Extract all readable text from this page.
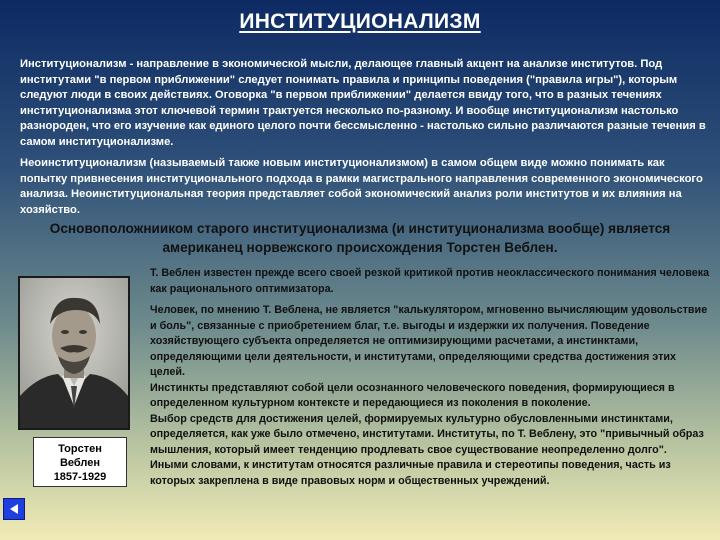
ИНСТИТУЦИОНАЛИЗМ

Институционализм - направление в экономической мысли, делающее главный акцент на анализе институтов. Под институтами "в первом приближении" следует понимать правила и принципы поведения ("правила игры"), которым следуют люди в своих действиях. Оговорка "в первом приближении" делается ввиду того, что в разных течениях институционализма этот ключевой термин трактуется несколько по-разному. И вообще институционализм настолько разнороден, что его изучение как единого целого почти бессмысленно - настолько сильно различаются разные течения в самом институционализме.

Неоинституционализм (называемый также новым институционализмом) в самом общем виде можно понимать как попытку привнесения институционального подхода в рамки магистрального направления современного экономического анализа. Неоинституциональная теория представляет собой экономический анализ роли институтов и их влияния на хозяйство.

Основоположнииком старого институционализма (и институционализма вообще) является американец норвежского происхождения Торстен Веблен.
Торстен
Веблен
1857-1929

Т. Веблен известен прежде всего своей резкой критикой против неоклассического понимания человека как рационального оптимизатора.

Человек, по мнению Т. Веблена, не является "калькулятором, мгновенно вычисляющим удовольствие и боль", связанные с приобретением благ, т.е. выгоды и издержки их получения. Поведение хозяйствующего субъекта определяется не оптимизирующими расчетами, а инстинктами, определяющими цели деятельности, и институтами, определяющими средства достижения этих целей.
Инстинкты представляют собой цели осознанного человеческого поведения, формирующиеся в определенном культурном контексте и передающиеся из поколения в поколение.
Выбор средств для достижения целей, формируемых культурно обусловленными инстинктами, определяется, как уже было отмечено, институтами. Институты, по Т. Веблену, это "привычный образ мышления, который имеет тенденцию продлевать свое существование неопределенно долго".
Иными словами, к институтам относятся различные правила и стереотипы поведения, часть из которых закреплена в виде правовых норм и общественных учреждений.
